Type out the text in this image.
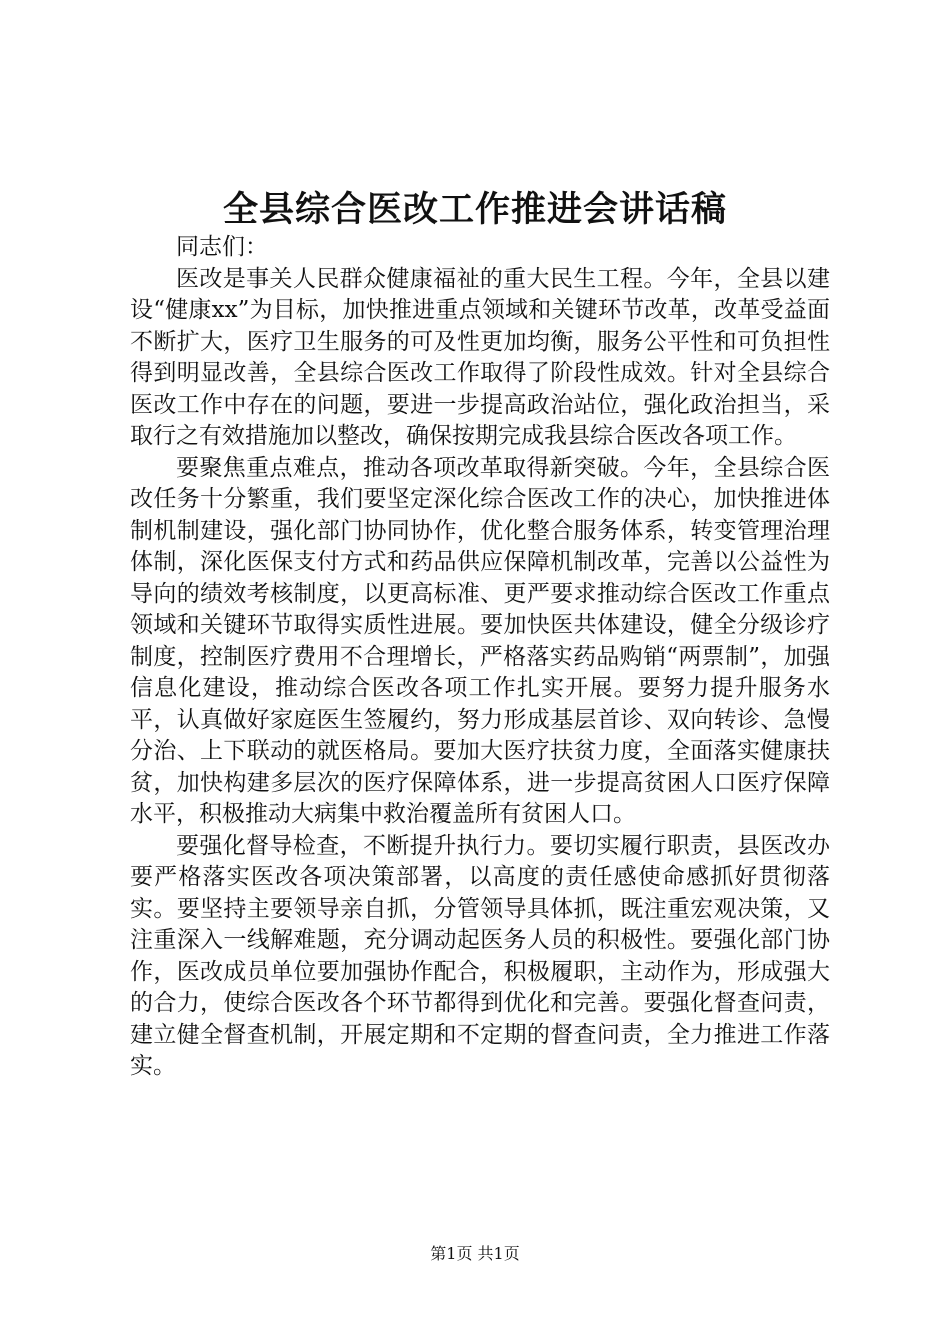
全县综合医改工作推进会讲话稿

同志们：

医改是事关人民群众健康福祉的重大民生工程。今年，全县以建设“健康xx”为目标，加快推进重点领域和关键环节改革，改革受益面不断扩大，医疗卫生服务的可及性更加均衡，服务公平性和可负担性得到明显改善，全县综合医改工作取得了阶段性成效。针对全县综合医改工作中存在的问题，要进一步提高政治站位，强化政治担当，采取行之有效措施加以整改，确保按期完成我县综合医改各项工作。

要聚焦重点难点，推动各项改革取得新突破。今年，全县综合医改任务十分繁重，我们要坚定深化综合医改工作的决心，加快推进体制机制建设，强化部门协同协作，优化整合服务体系，转变管理治理体制，深化医保支付方式和药品供应保障机制改革，完善以公益性为导向的绩效考核制度，以更高标准、更严要求推动综合医改工作重点领域和关键环节取得实质性进展。要加快医共体建设，健全分级诊疗制度，控制医疗费用不合理增长，严格落实药品购销“两票制”，加强信息化建设，推动综合医改各项工作扎实开展。要努力提升服务水平，认真做好家庭医生签履约，努力形成基层首诊、双向转诊、急慢分治、上下联动的就医格局。要加大医疗扶贫力度，全面落实健康扶贫，加快构建多层次的医疗保障体系，进一步提高贫困人口医疗保障水平，积极推动大病集中救治覆盖所有贫困人口。

要强化督导检查，不断提升执行力。要切实履行职责，县医改办要严格落实医改各项决策部署，以高度的责任感使命感抓好贯彻落实。要坚持主要领导亲自抓，分管领导具体抓，既注重宏观决策，又注重深入一线解难题，充分调动起医务人员的积极性。要强化部门协作，医改成员单位要加强协作配合，积极履职，主动作为，形成强大的合力，使综合医改各个环节都得到优化和完善。要强化督查问责，建立健全督查机制，开展定期和不定期的督查问责，全力推进工作落实。

第1页 共1页
